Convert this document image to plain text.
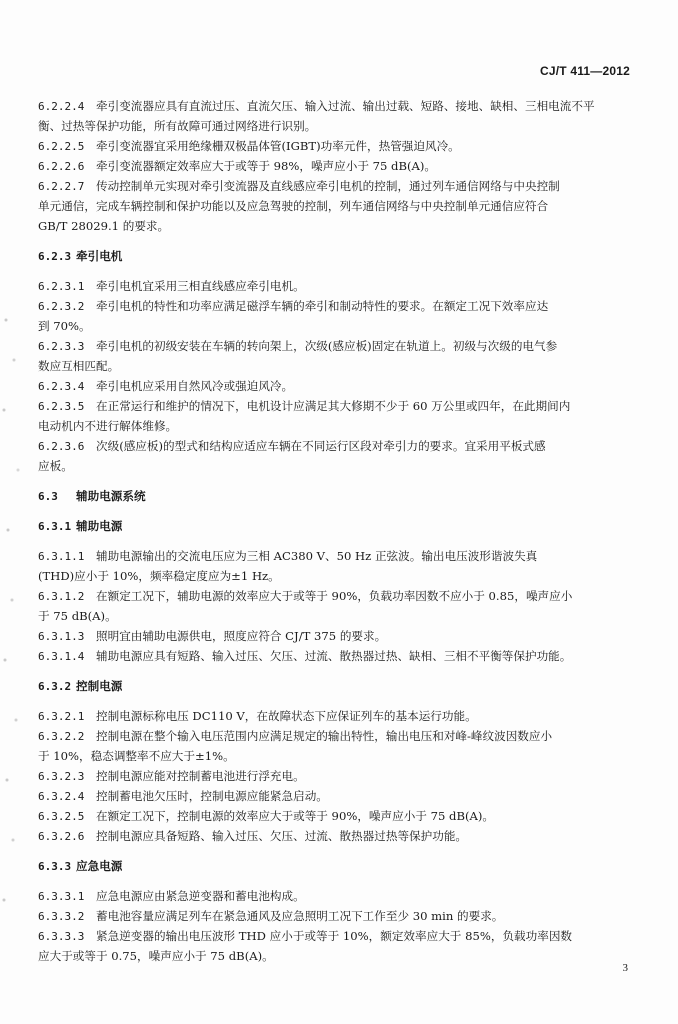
CJ/T 411—2012
6.2.2.4 牵引变流器应具有直流过压、直流欠压、输入过流、输出过载、短路、接地、缺相、三相电流不平
衡、过热等保护功能，所有故障可通过网络进行识别。
6.2.2.5 牵引变流器宜采用绝缘栅双极晶体管(IGBT)功率元件，热管强迫风冷。
6.2.2.6 牵引变流器额定效率应大于或等于 98%，噪声应小于 75 dB(A)。
6.2.2.7 传动控制单元实现对牵引变流器及直线感应牵引电机的控制，通过列车通信网络与中央控制
单元通信，完成车辆控制和保护功能以及应急驾驶的控制，列车通信网络与中央控制单元通信应符合
GB/T 28029.1 的要求。
6.2.3 牵引电机
6.2.3.1 牵引电机宜采用三相直线感应牵引电机。
6.2.3.2 牵引电机的特性和功率应满足磁浮车辆的牵引和制动特性的要求。在额定工况下效率应达
到 70%。
6.2.3.3 牵引电机的初级安装在车辆的转向架上，次级(感应板)固定在轨道上。初级与次级的电气参
数应互相匹配。
6.2.3.4 牵引电机应采用自然风冷或强迫风冷。
6.2.3.5 在正常运行和维护的情况下，电机设计应满足其大修期不少于 60 万公里或四年，在此期间内
电动机内不进行解体维修。
6.2.3.6 次级(感应板)的型式和结构应适应车辆在不同运行区段对牵引力的要求。宜采用平板式感
应板。
6.3 辅助电源系统
6.3.1 辅助电源
6.3.1.1 辅助电源输出的交流电压应为三相 AC380 V、50 Hz 正弦波。输出电压波形谐波失真
(THD)应小于 10%，频率稳定度应为±1 Hz。
6.3.1.2 在额定工况下，辅助电源的效率应大于或等于 90%，负载功率因数不应小于 0.85，噪声应小
于 75 dB(A)。
6.3.1.3 照明宜由辅助电源供电，照度应符合 CJ/T 375 的要求。
6.3.1.4 辅助电源应具有短路、输入过压、欠压、过流、散热器过热、缺相、三相不平衡等保护功能。
6.3.2 控制电源
6.3.2.1 控制电源标称电压 DC110 V，在故障状态下应保证列车的基本运行功能。
6.3.2.2 控制电源在整个输入电压范围内应满足规定的输出特性，输出电压和对峰-峰纹波因数应小
于 10%，稳态调整率不应大于±1%。
6.3.2.3 控制电源应能对控制蓄电池进行浮充电。
6.3.2.4 控制蓄电池欠压时，控制电源应能紧急启动。
6.3.2.5 在额定工况下，控制电源的效率应大于或等于 90%，噪声应小于 75 dB(A)。
6.3.2.6 控制电源应具备短路、输入过压、欠压、过流、散热器过热等保护功能。
6.3.3 应急电源
6.3.3.1 应急电源应由紧急逆变器和蓄电池构成。
6.3.3.2 蓄电池容量应满足列车在紧急通风及应急照明工况下工作至少 30 min 的要求。
6.3.3.3 紧急逆变器的输出电压波形 THD 应小于或等于 10%，额定效率应大于 85%，负载功率因数
应大于或等于 0.75，噪声应小于 75 dB(A)。
3
